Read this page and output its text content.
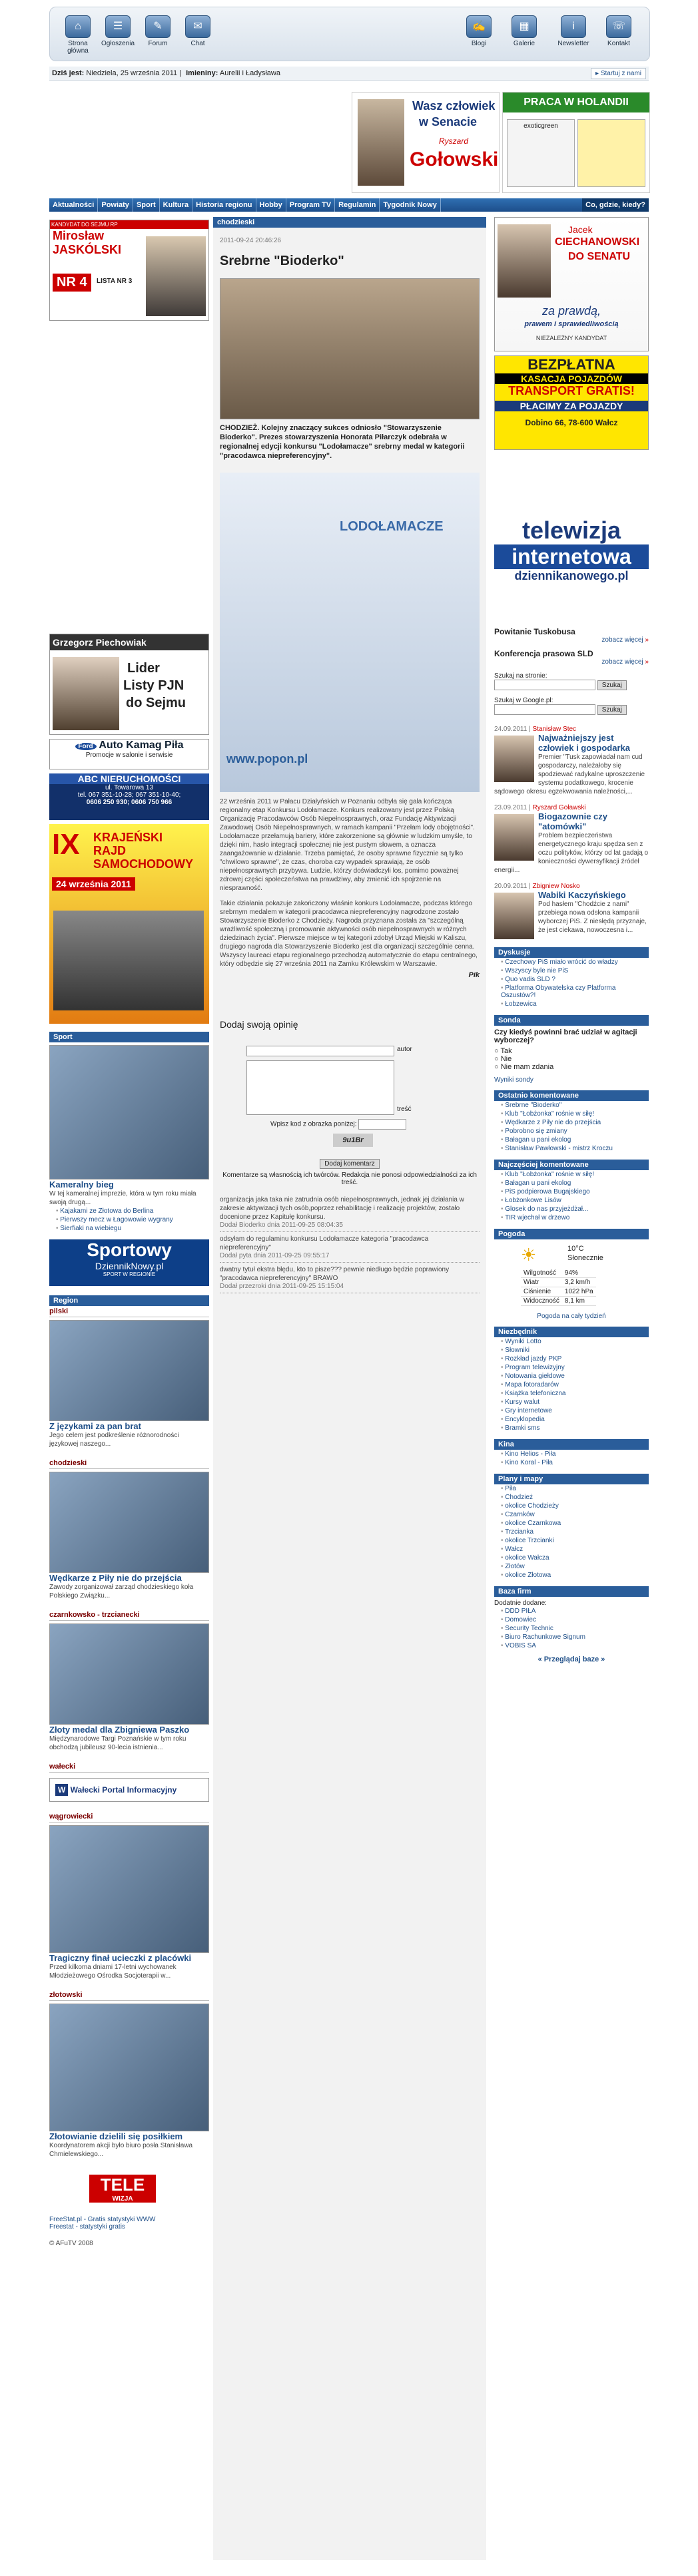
⌂
Strona główna
☰
Ogłoszenia
✎
Forum
✉
Chat
✍
Blogi
▦
Galerie
i
Newsletter
☏
Kontakt
Dziś jest: Niedziela, 25 września 2011 | Imieniny: Aurelii i Ładysława	▸ Startuj z nami
Wasz człowiek
w Senacie
Ryszard
Gołowski
PRACA W HOLANDII
exoticgreen
Aktualności Powiaty Sport Kultura Historia regionu Hobby Program TV Regulamin Tygodnik Nowy	Co, gdzie, kiedy?
KANDYDAT DO SEJMU RP
Mirosław
JASKÓLSKI
NR 4	LISTA NR 3
Grzegorz Piechowiak
Lider
Listy PJN
do Sejmu
Ford Auto Kamag Piła
Promocje w salonie i serwisie
ABC NIERUCHOMOŚCI
ul. Towarowa 13
tel. 067 351-10-28; 067 351-10-40;
0606 250 930; 0606 750 966
IX KRAJEŃSKI
RAJD
SAMOCHODOWY
24 września 2011
Sport
Kameralny bieg
W tej kameralnej imprezie, która w tym roku miała swoją drugą...
• Kajakami ze Złotowa do Berlina
• Pierwszy mecz w Łagowowie wygrany
• Sierfiaki na wiebiegu
Sportowy
DziennikNowy.pl
SPORT W REGIONIE
Region
pilski
Z językami za pan brat
Jego celem jest podkreślenie różnorodności językowej naszego...
chodzieski
Wędkarze z Piły nie do przejścia
Zawody zorganizował zarząd chodzieskiego koła Polskiego Związku...
czarnkowsko - trzcianecki
Złoty medal dla Zbigniewa Paszko
Międzynarodowe Targi Poznańskie w tym roku obchodzą jubileusz 90-lecia istnienia...
wałecki
W Wałecki Portal Informacyjny
wągrowiecki
Tragiczny finał ucieczki z placówki
Przed kilkoma dniami 17-letni wychowanek Młodzieżowego Ośrodka Socjoterapii w...
złotowski
Złotowianie dzielili się posiłkiem
Koordynatorem akcji było biuro posła Stanisława Chmielewskiego...
TELE
WIZJA
FreeStat.pl - Gratis statystyki WWW
Freestat - statystyki gratis
© AFuTV 2008
chodzieski
2011-09-24 20:46:26
Srebrne "Bioderko"
CHODZIEŻ. Kolejny znaczący sukces odniosło "Stowarzyszenie Bioderko". Prezes stowarzyszenia Honorata Piłarczyk odebrała w regionalnej edycji konkursu "Lodołamacze" srebrny medal w kategorii "pracodawca niepreferencyjny".
LODOŁAMACZE
www.popon.pl
22 września 2011 w Pałacu Działyńskich w Poznaniu odbyła się gala kończąca regionalny etap Konkursu Lodołamacze. Konkurs realizowany jest przez Polską Organizację Pracodawców Osób Niepełnosprawnych, oraz Fundację Aktywizacji Zawodowej Osób Niepełnosprawnych, w ramach kampanii "Przełam lody obojętności". Lodołamacze przełamują bariery, które zakorzenione są głównie w ludzkim umyśle, to dzięki nim, hasło integracji społecznej nie jest pustym słowem, a oznacza zaangażowanie w działanie. Trzeba pamiętać, że osoby sprawne fizycznie są tylko "chwilowo sprawne", że czas, choroba czy wypadek sprawiają, że osób niepełnosprawnych przybywa. Ludzie, którzy doświadczyli los, pomimo poważnej zdrowej części społeczeństwa na prawdziwy, aby zmienić ich spojrzenie na niesprawność.
Takie działania pokazuje zakończony właśnie konkurs Lodołamacze, podczas którego srebrnym medalem w kategorii pracodawca niepreferencyjny nagrodzone zostało Stowarzyszenie Bioderko z Chodzieży. Nagroda przyznana została za "szczególną wrażliwość społeczną i promowanie aktywności osób niepełnosprawnych w różnych dziedzinach życia". Pierwsze miejsce w tej kategorii zdobył Urząd Miejski w Kaliszu, drugiego nagroda dla Stowarzyszenie Bioderko jest dla organizacji szczególnie cenna. Wszyscy laureaci etapu regionalnego przechodzą automatycznie do etapu centralnego, który odbędzie się 27 września 2011 na Zamku Królewskim w Warszawie.
Pik
Dodaj swoją opinię
autor
treść
Wpisz kod z obrazka poniżej:
9u1Br
Dodaj komentarz
Komentarze są własnością ich twórców. Redakcja nie ponosi odpowiedzialności za ich treść.
organizacja jaka taka nie zatrudnia osób niepełnosprawnych, jednak jej działania w zakresie aktywizacji tych osób,poprzez rehabilitację i realizację projektów, zostało docenione przez Kapitułę konkursu.
Dodał Bioderko dnia 2011-09-25 08:04:35
odsyłam do regulaminu konkursu Lodołamacze kategoria "pracodawca niepreferencyjny"
Dodał pyta dnia 2011-09-25 09:55:17
dwatny tytuł ekstra błędu, kto to pisze??? pewnie niedługo będzie poprawiony "pracodawca niepreferencyjny" BRAWO
Dodał przezroki dnia 2011-09-25 15:15:04
Jacek
CIECHANOWSKI
DO SENATU
za prawdą,
prawem i sprawiedliwością
NIEZALEŻNY KANDYDAT
BEZPŁATNA
KASACJA POJAZDÓW
TRANSPORT GRATIS!
PŁACIMY ZA POJAZDY
Dobino 66, 78-600 Wałcz
telewizja
internetowa
dziennikanowego.pl
Powitanie Tuskobusa
zobacz więcej »
Konferencja prasowa SLD
zobacz więcej »
Szukaj na stronie:
Szukaj
Szukaj w Google.pl:
Szukaj
24.09.2011 | Stanisław Stec
Najważniejszy jest człowiek i gospodarka
Premier "Tusk zapowiadał nam cud gospodarczy, należałoby się spodziewać radykalne uproszczenie systemu podatkowego, krocenie sądowego okresu egzekwowania należności,...
23.09.2011 | Ryszard Goławski
Biogazownie czy "atomówki"
Problem bezpieczeństwa energetycznego kraju spędza sen z oczu polityków, którzy od lat gadają o konieczności dywersyfikacji źródeł energii...
20.09.2011 | Zbigniew Nosko
Wabiki Kaczyńskiego
Pod hasłem "Chodźcie z nami" przebiega nowa odsłona kampanii wyborczej PiS. Z niesłędą przyznaje, że jest ciekawa, nowoczesna i...
Dyskusje
• Czechowy PiS miało wrócić do władzy
• Wszyscy byle nie PiS
• Quo vadis SLD ?
• Platforma Obywatelska czy Platforma Oszustów?!
• Łobzewica
Sonda
Czy kiedyś powinni brać udział w agitacji wyborczej?
○ Tak
○ Nie
○ Nie mam zdania
Wyniki sondy
Ostatnio komentowane
• Srebrne "Bioderko"
• Klub "Łobżonka" rośnie w siłę!
• Wędkarze z Piły nie do przejścia
• Pobrobno się zmiany
• Bałagan u pani ekolog
• Stanisław Pawłowski - mistrz Kroczu
Najczęściej komentowane
• Klub "Łobżonka" rośnie w siłę!
• Bałagan u pani ekolog
• PiS podpierowa Bugajskiego
• Łobżonkowe Lisów
• Glosek do nas przyjeżdżał...
• TIR wjechał w drzewo
Pogoda
☀	10°C
Słonecznie
Wilgotność	94%
Wiatr	3,2 km/h
Ciśnienie	1022 hPa
Widoczność	8,1 km
Pogoda na cały tydzień
Niezbędnik
• Wyniki Lotto
• Słowniki
• Rozkład jazdy PKP
• Program telewizyjny
• Notowania giełdowe
• Mapa fotoradarów
• Książka telefoniczna
• Kursy walut
• Gry internetowe
• Encyklopedia
• Bramki sms
Kina
• Kino Helios - Piła
• Kino Koral - Piła
Plany i mapy
• Piła
• Chodzież
• okolice Chodzieży
• Czarnków
• okolice Czarnkowa
• Trzcianka
• okolice Trzcianki
• Wałcz
• okolice Wałcza
• Złotów
• okolice Złotowa
Baza firm
Dodatnie dodane:
• DDD PIŁA
• Domowiec
• Security Technic
• Biuro Rachunkowe Signum
• VOBIS SA
« Przeglądaj baze »
